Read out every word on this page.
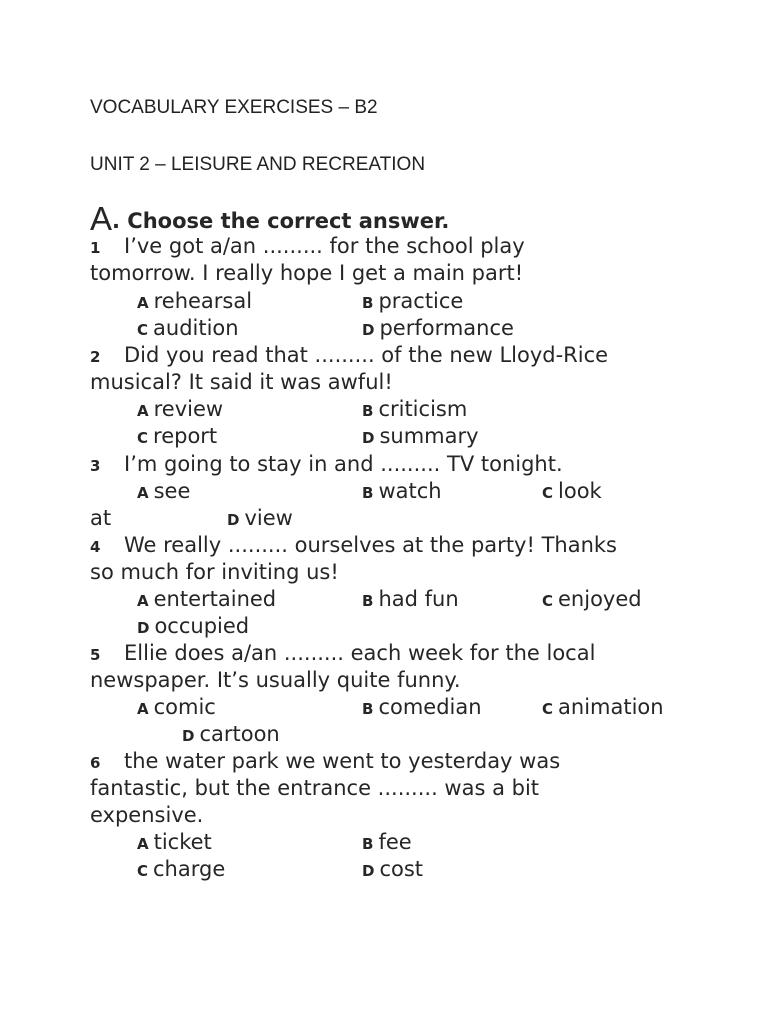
VOCABULARY EXERCISES – B2
UNIT 2 – LEISURE AND RECREATION
A. Choose the correct answer.
1 I’ve got a/an ......... for the school play
tomorrow. I really hope I get a main part!
A rehearsal	B practice
C audition	D performance
2 Did you read that ......... of the new Lloyd-Rice
musical? It said it was awful!
A review	B criticism
C report	D summary
3 I’m going to stay in and ......... TV tonight.
A see	B watch	C look
at	D view
4 We really ......... ourselves at the party! Thanks
so much for inviting us!
A entertained	B had fun	C enjoyed
D occupied
5 Ellie does a/an ......... each week for the local
newspaper. It’s usually quite funny.
A comic	B comedian	C animation
D cartoon
6 the water park we went to yesterday was
fantastic, but the entrance ......... was a bit
expensive.
A ticket	B fee
C charge	D cost
